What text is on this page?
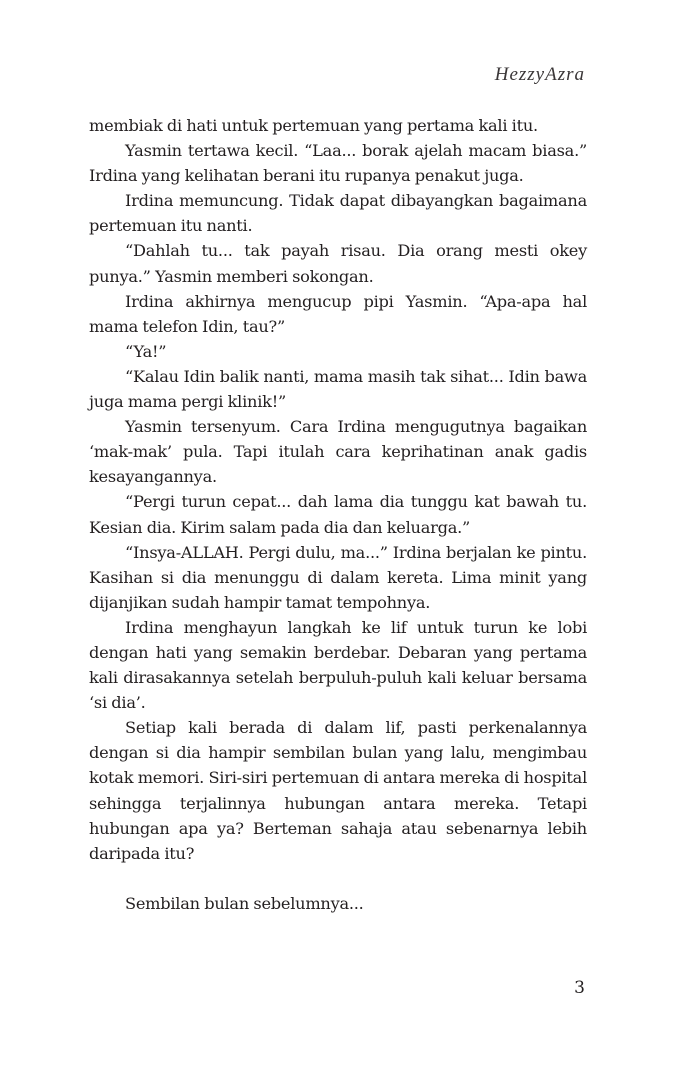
HezzyAzra

membiak di hati untuk pertemuan yang pertama kali itu.

Yasmin tertawa kecil. “Laa... borak ajelah macam biasa.” Irdina yang kelihatan berani itu rupanya penakut juga.

Irdina memuncung. Tidak dapat dibayangkan bagaimana pertemuan itu nanti.

“Dahlah tu... tak payah risau. Dia orang mesti okey punya.” Yasmin memberi sokongan.

Irdina akhirnya mengucup pipi Yasmin. “Apa-apa hal mama telefon Idin, tau?”

“Ya!”

“Kalau Idin balik nanti, mama masih tak sihat... Idin bawa juga mama pergi klinik!”

Yasmin tersenyum. Cara Irdina mengugutnya bagaikan ‘mak-mak’ pula. Tapi itulah cara keprihatinan anak gadis kesayangannya.

“Pergi turun cepat... dah lama dia tunggu kat bawah tu. Kesian dia. Kirim salam pada dia dan keluarga.”

“Insya-ALLAH. Pergi dulu, ma...” Irdina berjalan ke pintu. Kasihan si dia menunggu di dalam kereta. Lima minit yang dijanjikan sudah hampir tamat tempohnya.

Irdina menghayun langkah ke lif untuk turun ke lobi dengan hati yang semakin berdebar. Debaran yang pertama kali dirasakannya setelah berpuluh-puluh kali keluar bersama ‘si dia’.

Setiap kali berada di dalam lif, pasti perkenalannya dengan si dia hampir sembilan bulan yang lalu, mengimbau kotak memori. Siri-siri pertemuan di antara mereka di hospital sehingga terjalinnya hubungan antara mereka. Tetapi hubungan apa ya? Berteman sahaja atau sebenarnya lebih daripada itu?

Sembilan bulan sebelumnya...

3
